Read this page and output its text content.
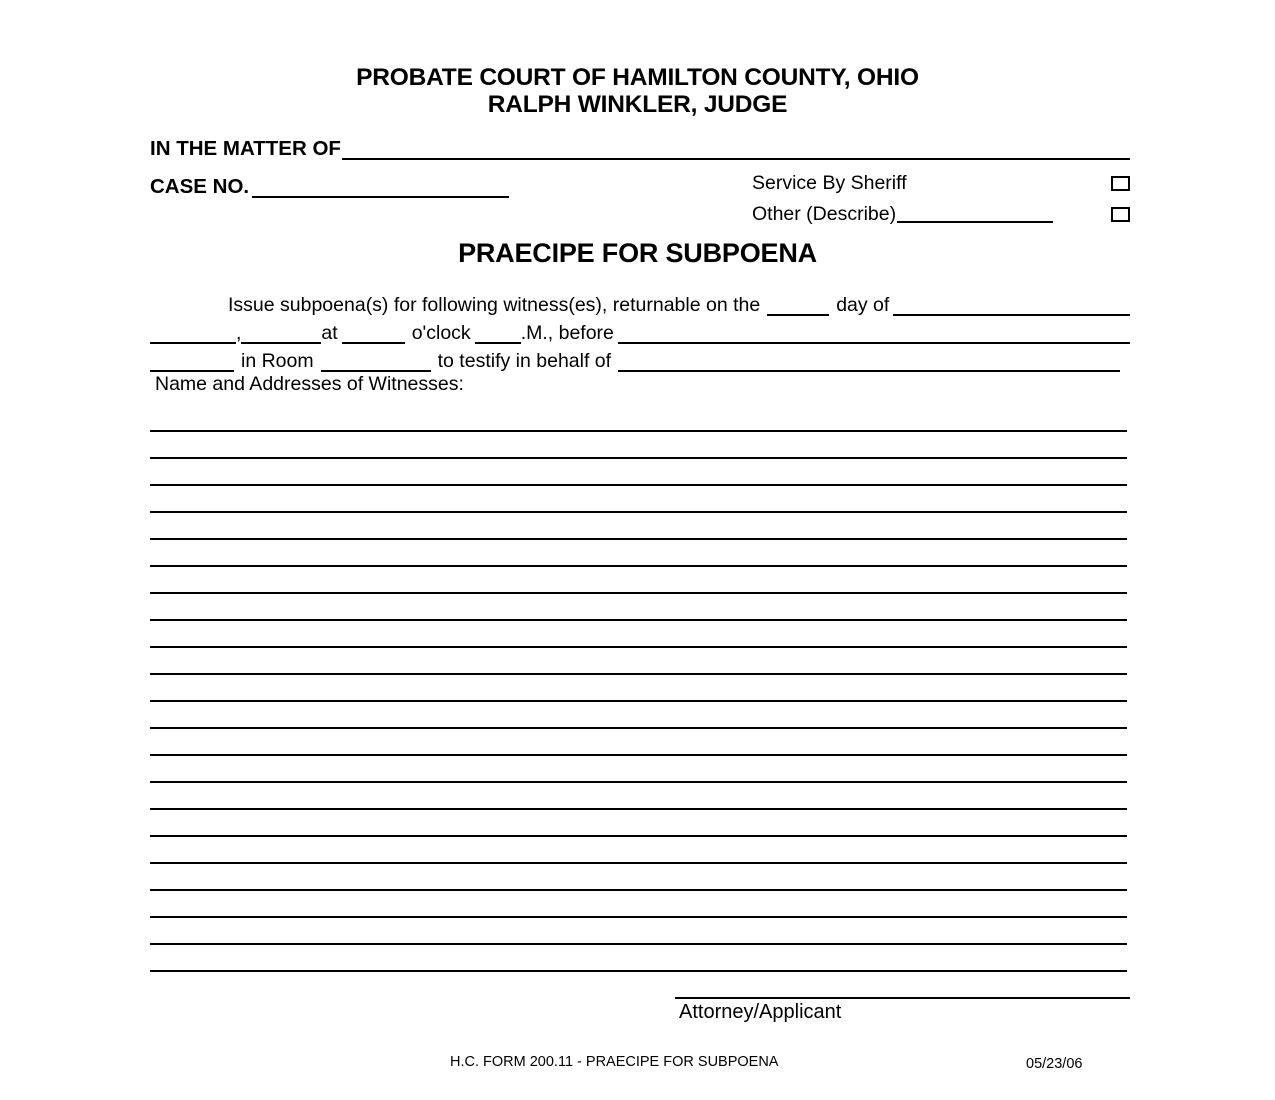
PROBATE COURT OF HAMILTON COUNTY, OHIO
RALPH WINKLER, JUDGE
IN THE MATTER OF
CASE NO.	Service By Sheriff
Other (Describe)
PRAECIPE FOR SUBPOENA
Issue subpoena(s) for following witness(es), returnable on the	day of
,	at	o'clock	.M., before
in Room	to testify in behalf of
Name and Addresses of Witnesses:
Attorney/Applicant
H.C. FORM 200.11 - PRAECIPE FOR SUBPOENA	05/23/06
